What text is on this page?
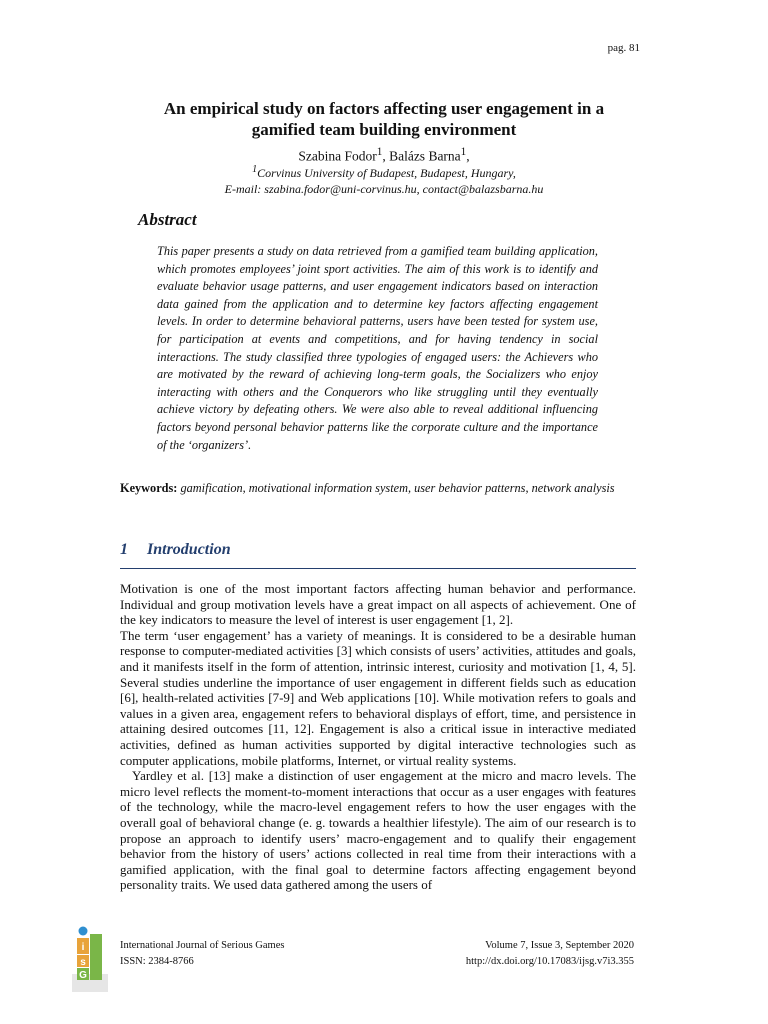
pag. 81
An empirical study on factors affecting user engagement in a
gamified team building environment
Szabina Fodor$^1$, Balázs Barna$^1$,
$^1$Corvinus University of Budapest, Budapest, Hungary,
E-mail: szabina.fodor@uni-corvinus.hu, contact@balazsbarna.hu
Abstract
This paper presents a study on data retrieved from a gamified team building application, which promotes employees’ joint sport activities. The aim of this work is to identify and evaluate behavior usage patterns, and user engagement indicators based on interaction data gained from the application and to determine key factors affecting engagement levels. In order to determine behavioral patterns, users have been tested for system use, for participation at events and competitions, and for having tendency in social interactions. The study classified three typologies of engaged users: the Achievers who are motivated by the reward of achieving long-term goals, the Socializers who enjoy interacting with others and the Conquerors who like struggling until they eventually achieve victory by defeating others. We were also able to reveal additional influencing factors beyond personal behavior patterns like the corporate culture and the importance of the ‘organizers’.
Keywords: gamification, motivational information system, user behavior patterns, network analysis
1 Introduction

Motivation is one of the most important factors affecting human behavior and performance. Individual and group motivation levels have a great impact on all aspects of achievement. One of the key indicators to measure the level of interest is user engagement [1, 2].

The term ‘user engagement’ has a variety of meanings. It is considered to be a desirable human response to computer-mediated activities [3] which consists of users’ activities, attitudes and goals, and it manifests itself in the form of attention, intrinsic interest, curiosity and motivation [1, 4, 5]. Several studies underline the importance of user engagement in different fields such as education [6], health-related activities [7-9] and Web applications [10]. While motivation refers to goals and values in a given area, engagement refers to behavioral displays of effort, time, and persistence in attaining desired outcomes [11, 12]. Engagement is also a critical issue in interactive mediated activities, defined as human activities supported by digital interactive technologies such as computer applications, mobile platforms, Internet, or virtual reality systems.

Yardley et al. [13] make a distinction of user engagement at the micro and macro levels. The micro level reflects the moment-to-moment interactions that occur as a user engages with features of the technology, while the macro-level engagement refers to how the user engages with the overall goal of behavioral change (e. g. towards a healthier lifestyle). The aim of our research is to propose an approach to identify users’ macro-engagement and to qualify their engagement behavior from the history of users’ actions collected in real time from their interactions with a gamified application, with the final goal to determine factors affecting engagement beyond personality traits. We used data gathered among the users of

i
s
G
International Journal of Serious Games
ISSN: 2384-8766
Volume 7, Issue 3, September 2020
http://dx.doi.org/10.17083/ijsg.v7i3.355
